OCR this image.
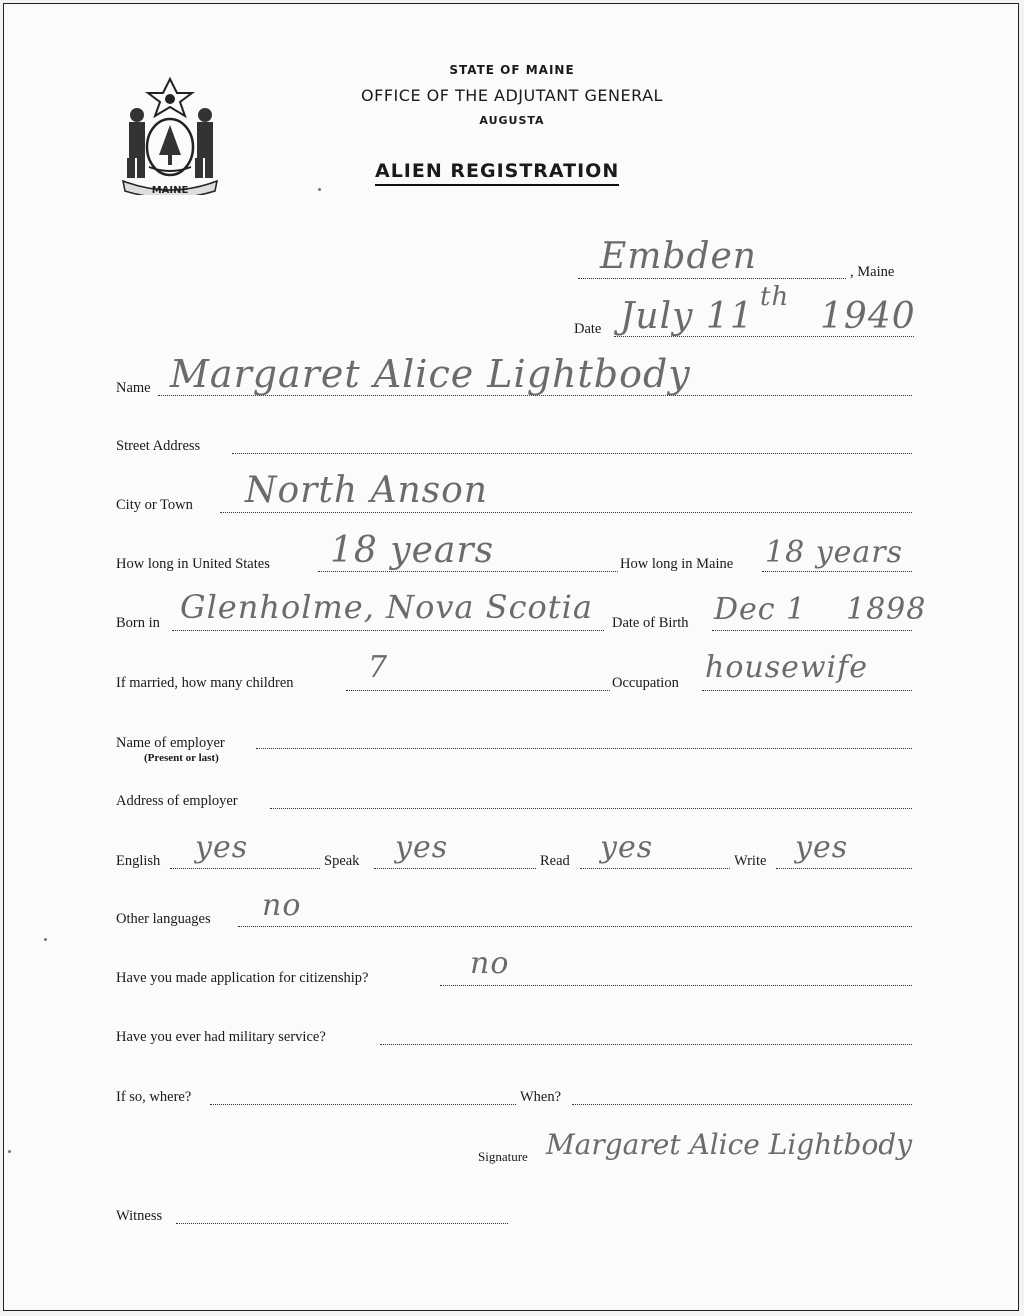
MAINE
STATE OF MAINE
OFFICE OF THE ADJUTANT GENERAL
AUGUSTA
ALIEN REGISTRATION
Embden	, Maine
Date July 11 th 1940
Name Margaret Alice Lightbody
Street Address
City or Town North Anson
How long in United States 18 years	How long in Maine 18 years
Born in Glenholme, Nova Scotia Date of Birth Dec 1 1898
If married, how many children 7	Occupation housewife
Name of employer
(Present or last)
Address of employer
English yes	Speak yes	Read yes	Write yes
Other languages no
Have you made application for citizenship?	no
Have you ever had military service?
If so, where?	When?
Signature Margaret Alice Lightbody
Witness
